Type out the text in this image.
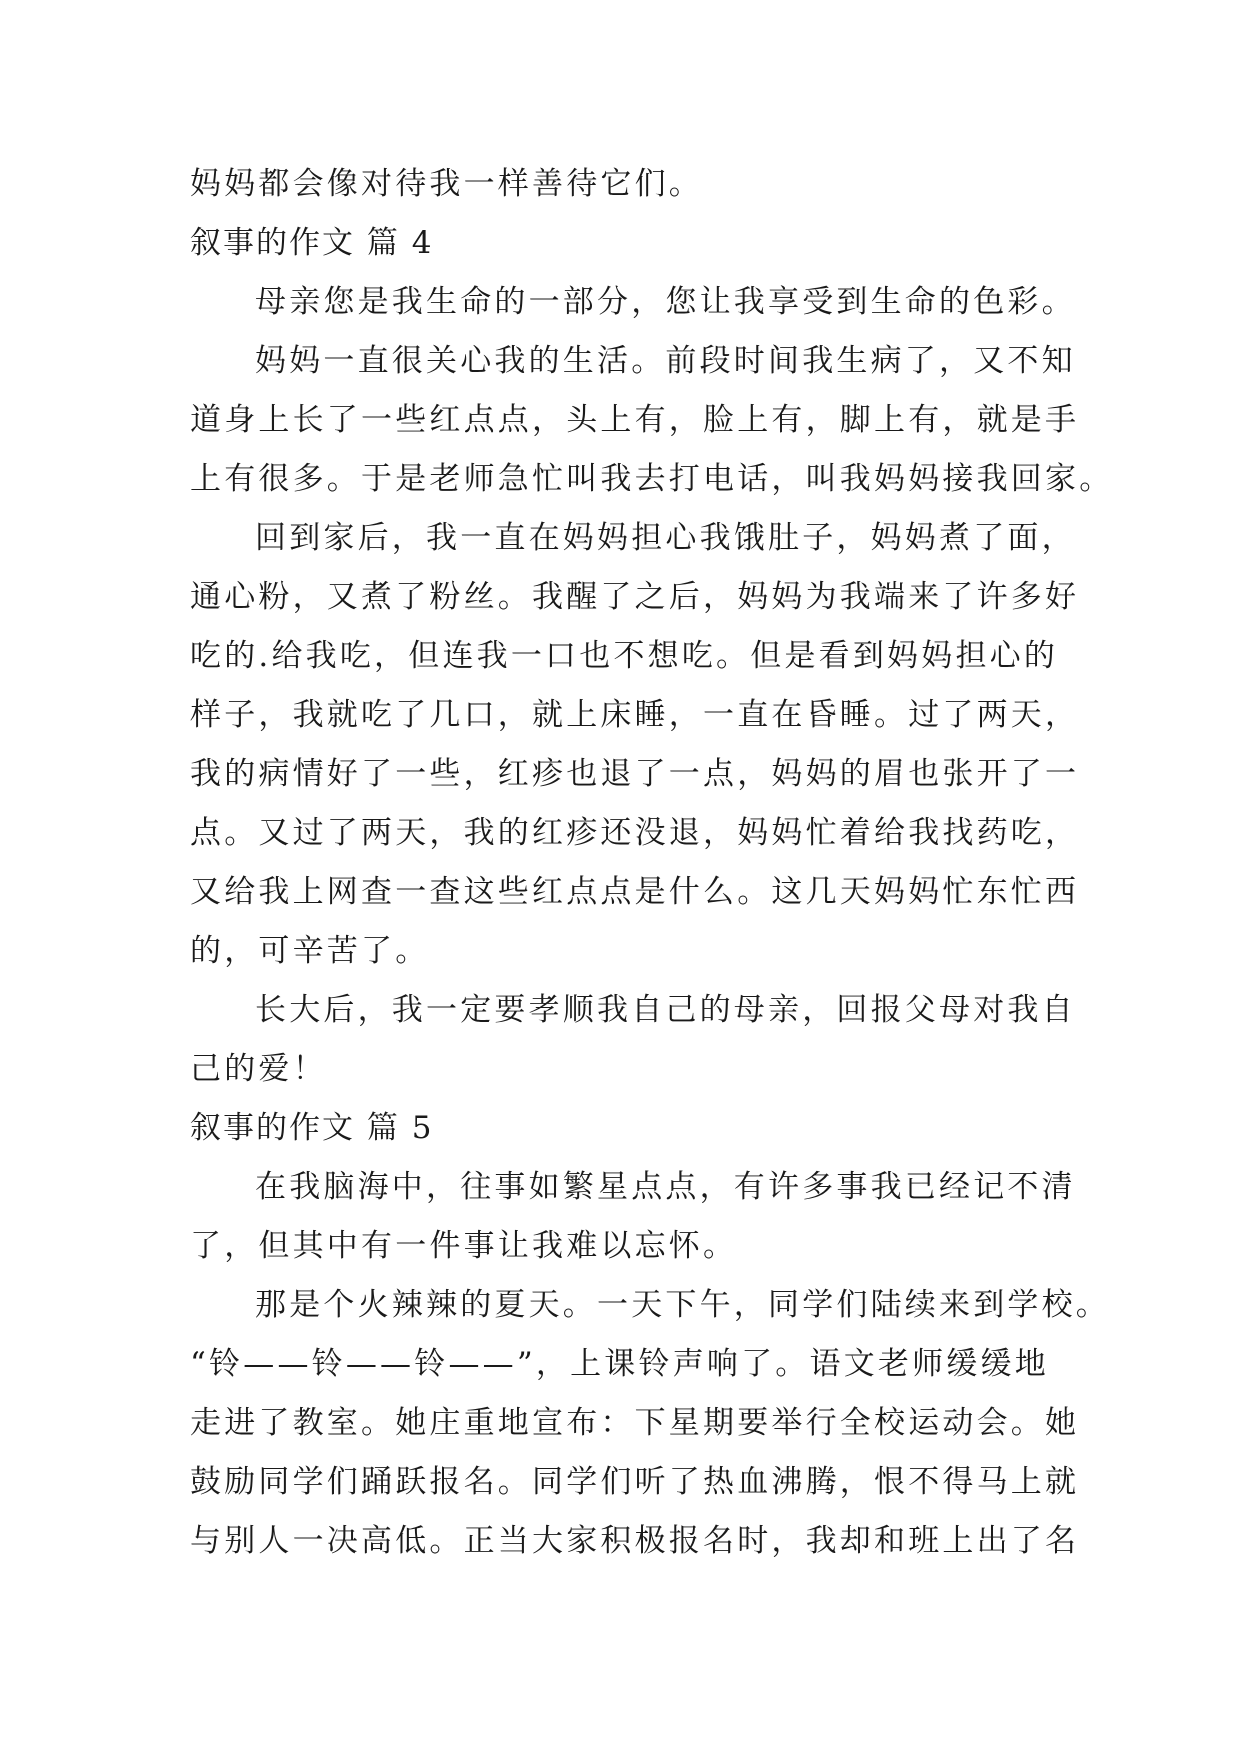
妈妈都会像对待我一样善待它们。
叙事的作文 篇 4
母亲您是我生命的一部分，您让我享受到生命的色彩。
妈妈一直很关心我的生活。前段时间我生病了，又不知
道身上长了一些红点点，头上有，脸上有，脚上有，就是手
上有很多。于是老师急忙叫我去打电话，叫我妈妈接我回家。
回到家后，我一直在妈妈担心我饿肚子，妈妈煮了面，
通心粉，又煮了粉丝。我醒了之后，妈妈为我端来了许多好
吃的.给我吃，但连我一口也不想吃。但是看到妈妈担心的
样子，我就吃了几口，就上床睡，一直在昏睡。过了两天，
我的病情好了一些，红疹也退了一点，妈妈的眉也张开了一
点。又过了两天，我的红疹还没退，妈妈忙着给我找药吃，
又给我上网查一查这些红点点是什么。这几天妈妈忙东忙西
的，可辛苦了。
长大后，我一定要孝顺我自己的母亲，回报父母对我自
己的爱！
叙事的作文 篇 5
在我脑海中，往事如繁星点点，有许多事我已经记不清
了，但其中有一件事让我难以忘怀。
那是个火辣辣的夏天。一天下午，同学们陆续来到学校。
“铃——铃——铃——”，上课铃声响了。语文老师缓缓地
走进了教室。她庄重地宣布：下星期要举行全校运动会。她
鼓励同学们踊跃报名。同学们听了热血沸腾，恨不得马上就
与别人一决高低。正当大家积极报名时，我却和班上出了名
